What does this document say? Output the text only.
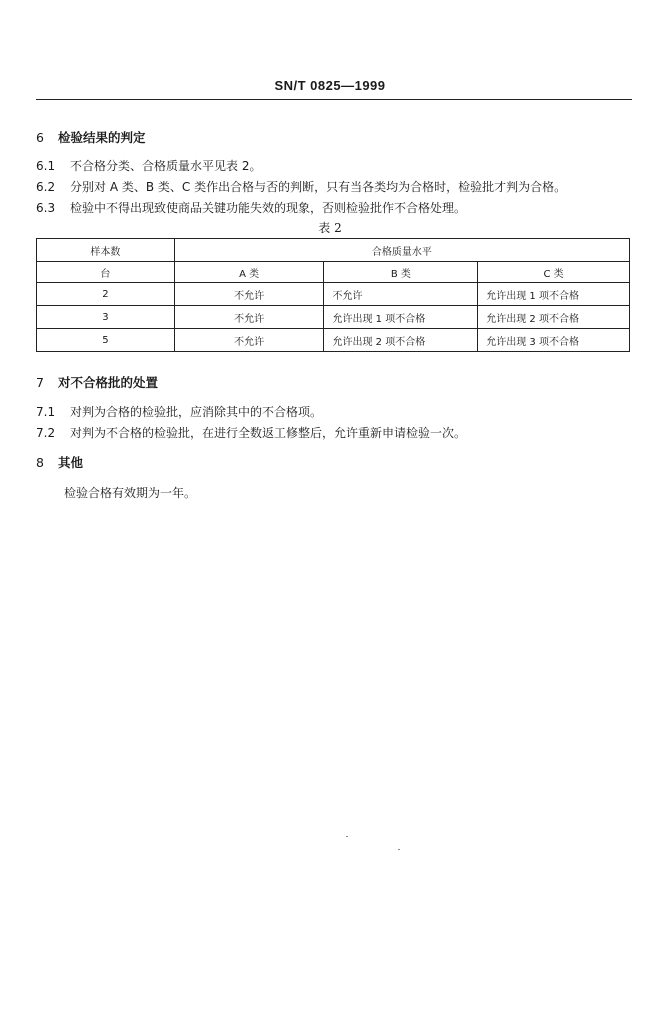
SN/T 0825—1999
6 检验结果的判定
6.1 不合格分类、合格质量水平见表 2。
6.2 分别对 A 类、B 类、C 类作出合格与否的判断，只有当各类均为合格时，检验批才判为合格。
6.3 检验中不得出现致使商品关键功能失效的现象，否则检验批作不合格处理。
表 2
样本数	合格质量水平		
台	A 类	B 类	C 类
2	不允许	不允许	允许出现 1 项不合格
3	不允许	允许出现 1 项不合格	允许出现 2 项不合格
5	不允许	允许出现 2 项不合格	允许出现 3 项不合格
7 对不合格批的处置
7.1 对判为合格的检验批，应消除其中的不合格项。
7.2 对判为不合格的检验批，在进行全数返工修整后，允许重新申请检验一次。
8 其他
检验合格有效期为一年。
